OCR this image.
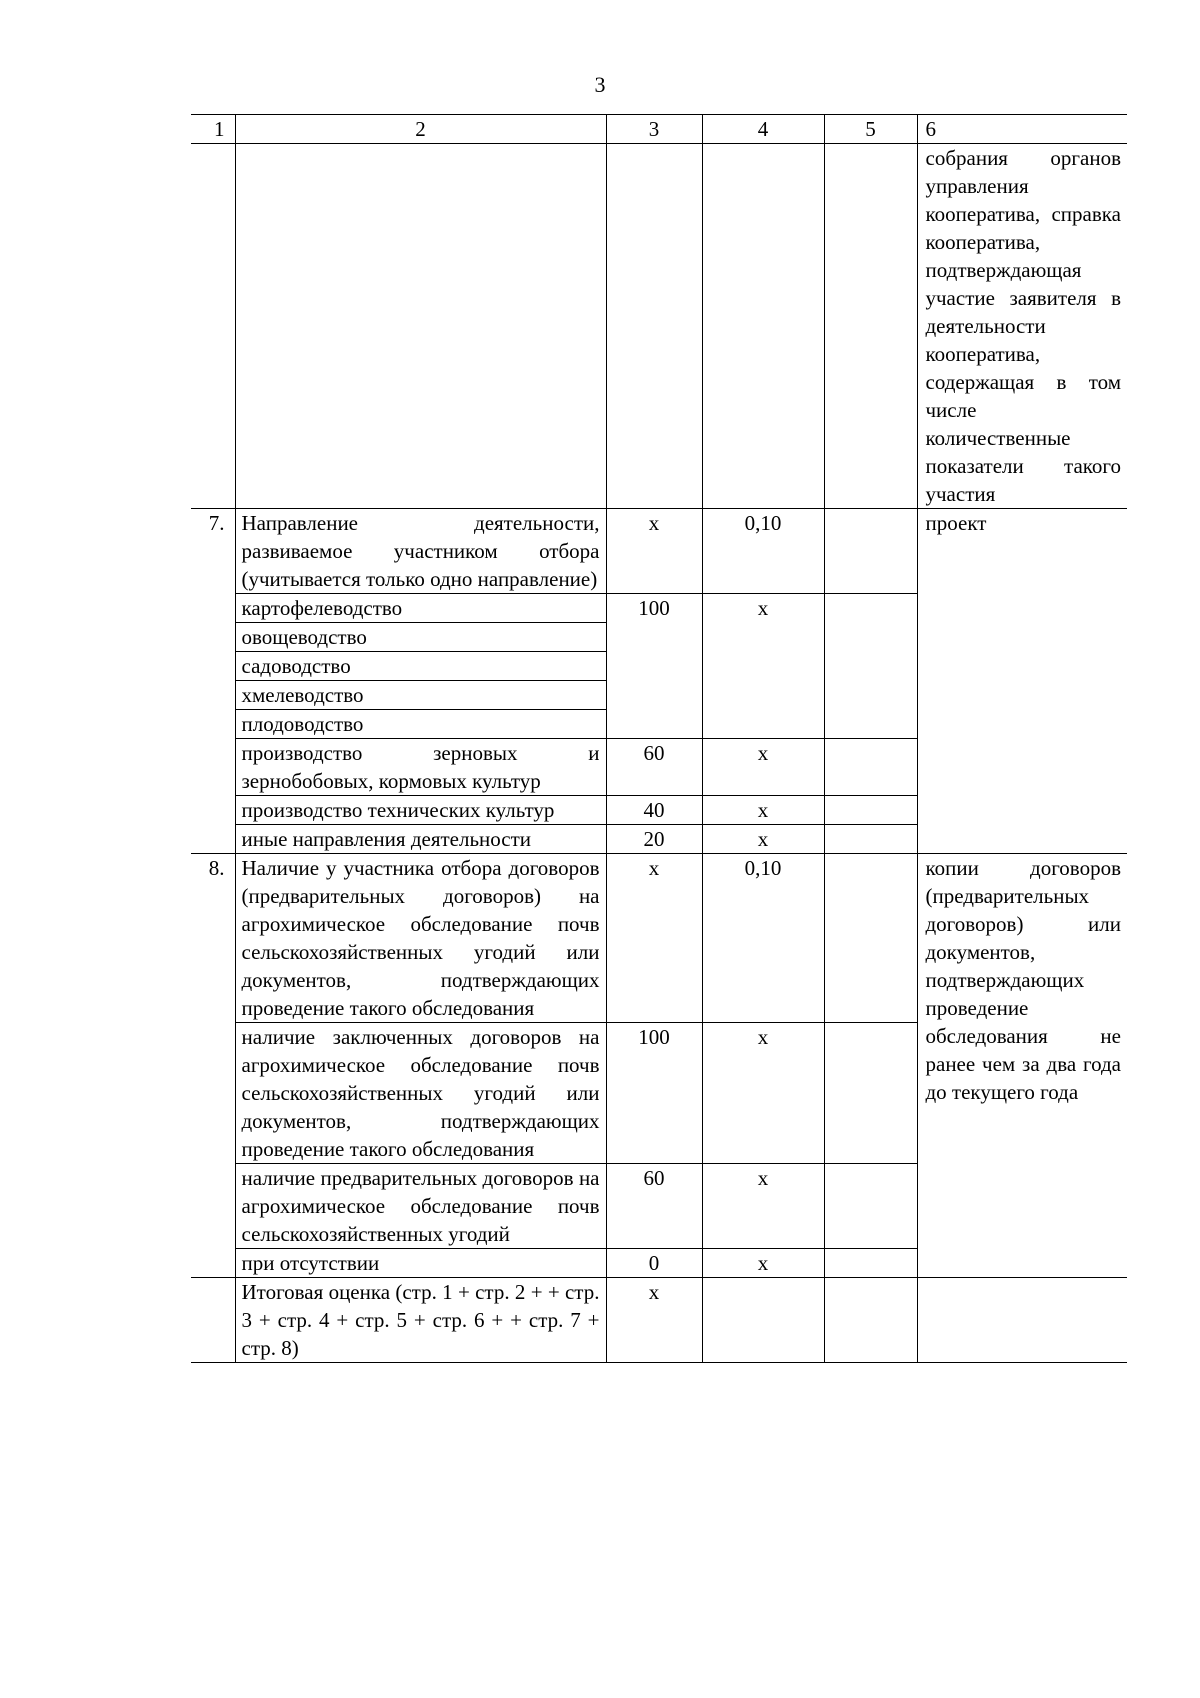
3
1	2	3	4	5	6
					собрания органов управления кооператива, справка кооператива, подтверждающая участие заявителя в деятельности кооператива, содержащая в том числе количественные показатели такого участия
7.	Направление деятельности, развиваемое участником отбора (учитывается только одно направление)	х	0,10		проект
	картофелеводство	100	х		
	овощеводство				
	садоводство				
	хмелеводство				
	плодоводство				
	производство зерновых и зернобобовых, кормовых культур	60	х		
	производство технических культур	40	х		
	иные направления деятельности	20	х		
8.	Наличие у участника отбора договоров (предварительных договоров) на агрохимическое обследование почв сельскохозяйственных угодий или документов, подтверждающих проведение такого обследования	х	0,10		копии договоров (предварительных договоров) или документов, подтверждающих проведение обследования не ранее чем за два года до текущего года
	наличие заключенных договоров на агрохимическое обследование почв сельскохозяйственных угодий или документов, подтверждающих проведение такого обследования	100	х		
	наличие предварительных договоров на агрохимическое обследование почв сельскохозяйственных угодий	60	х		
	при отсутствии	0	х		
	Итоговая оценка (стр. 1 + стр. 2 + + стр. 3 + стр. 4 + стр. 5 + стр. 6 + + стр. 7 + стр. 8)	х			
